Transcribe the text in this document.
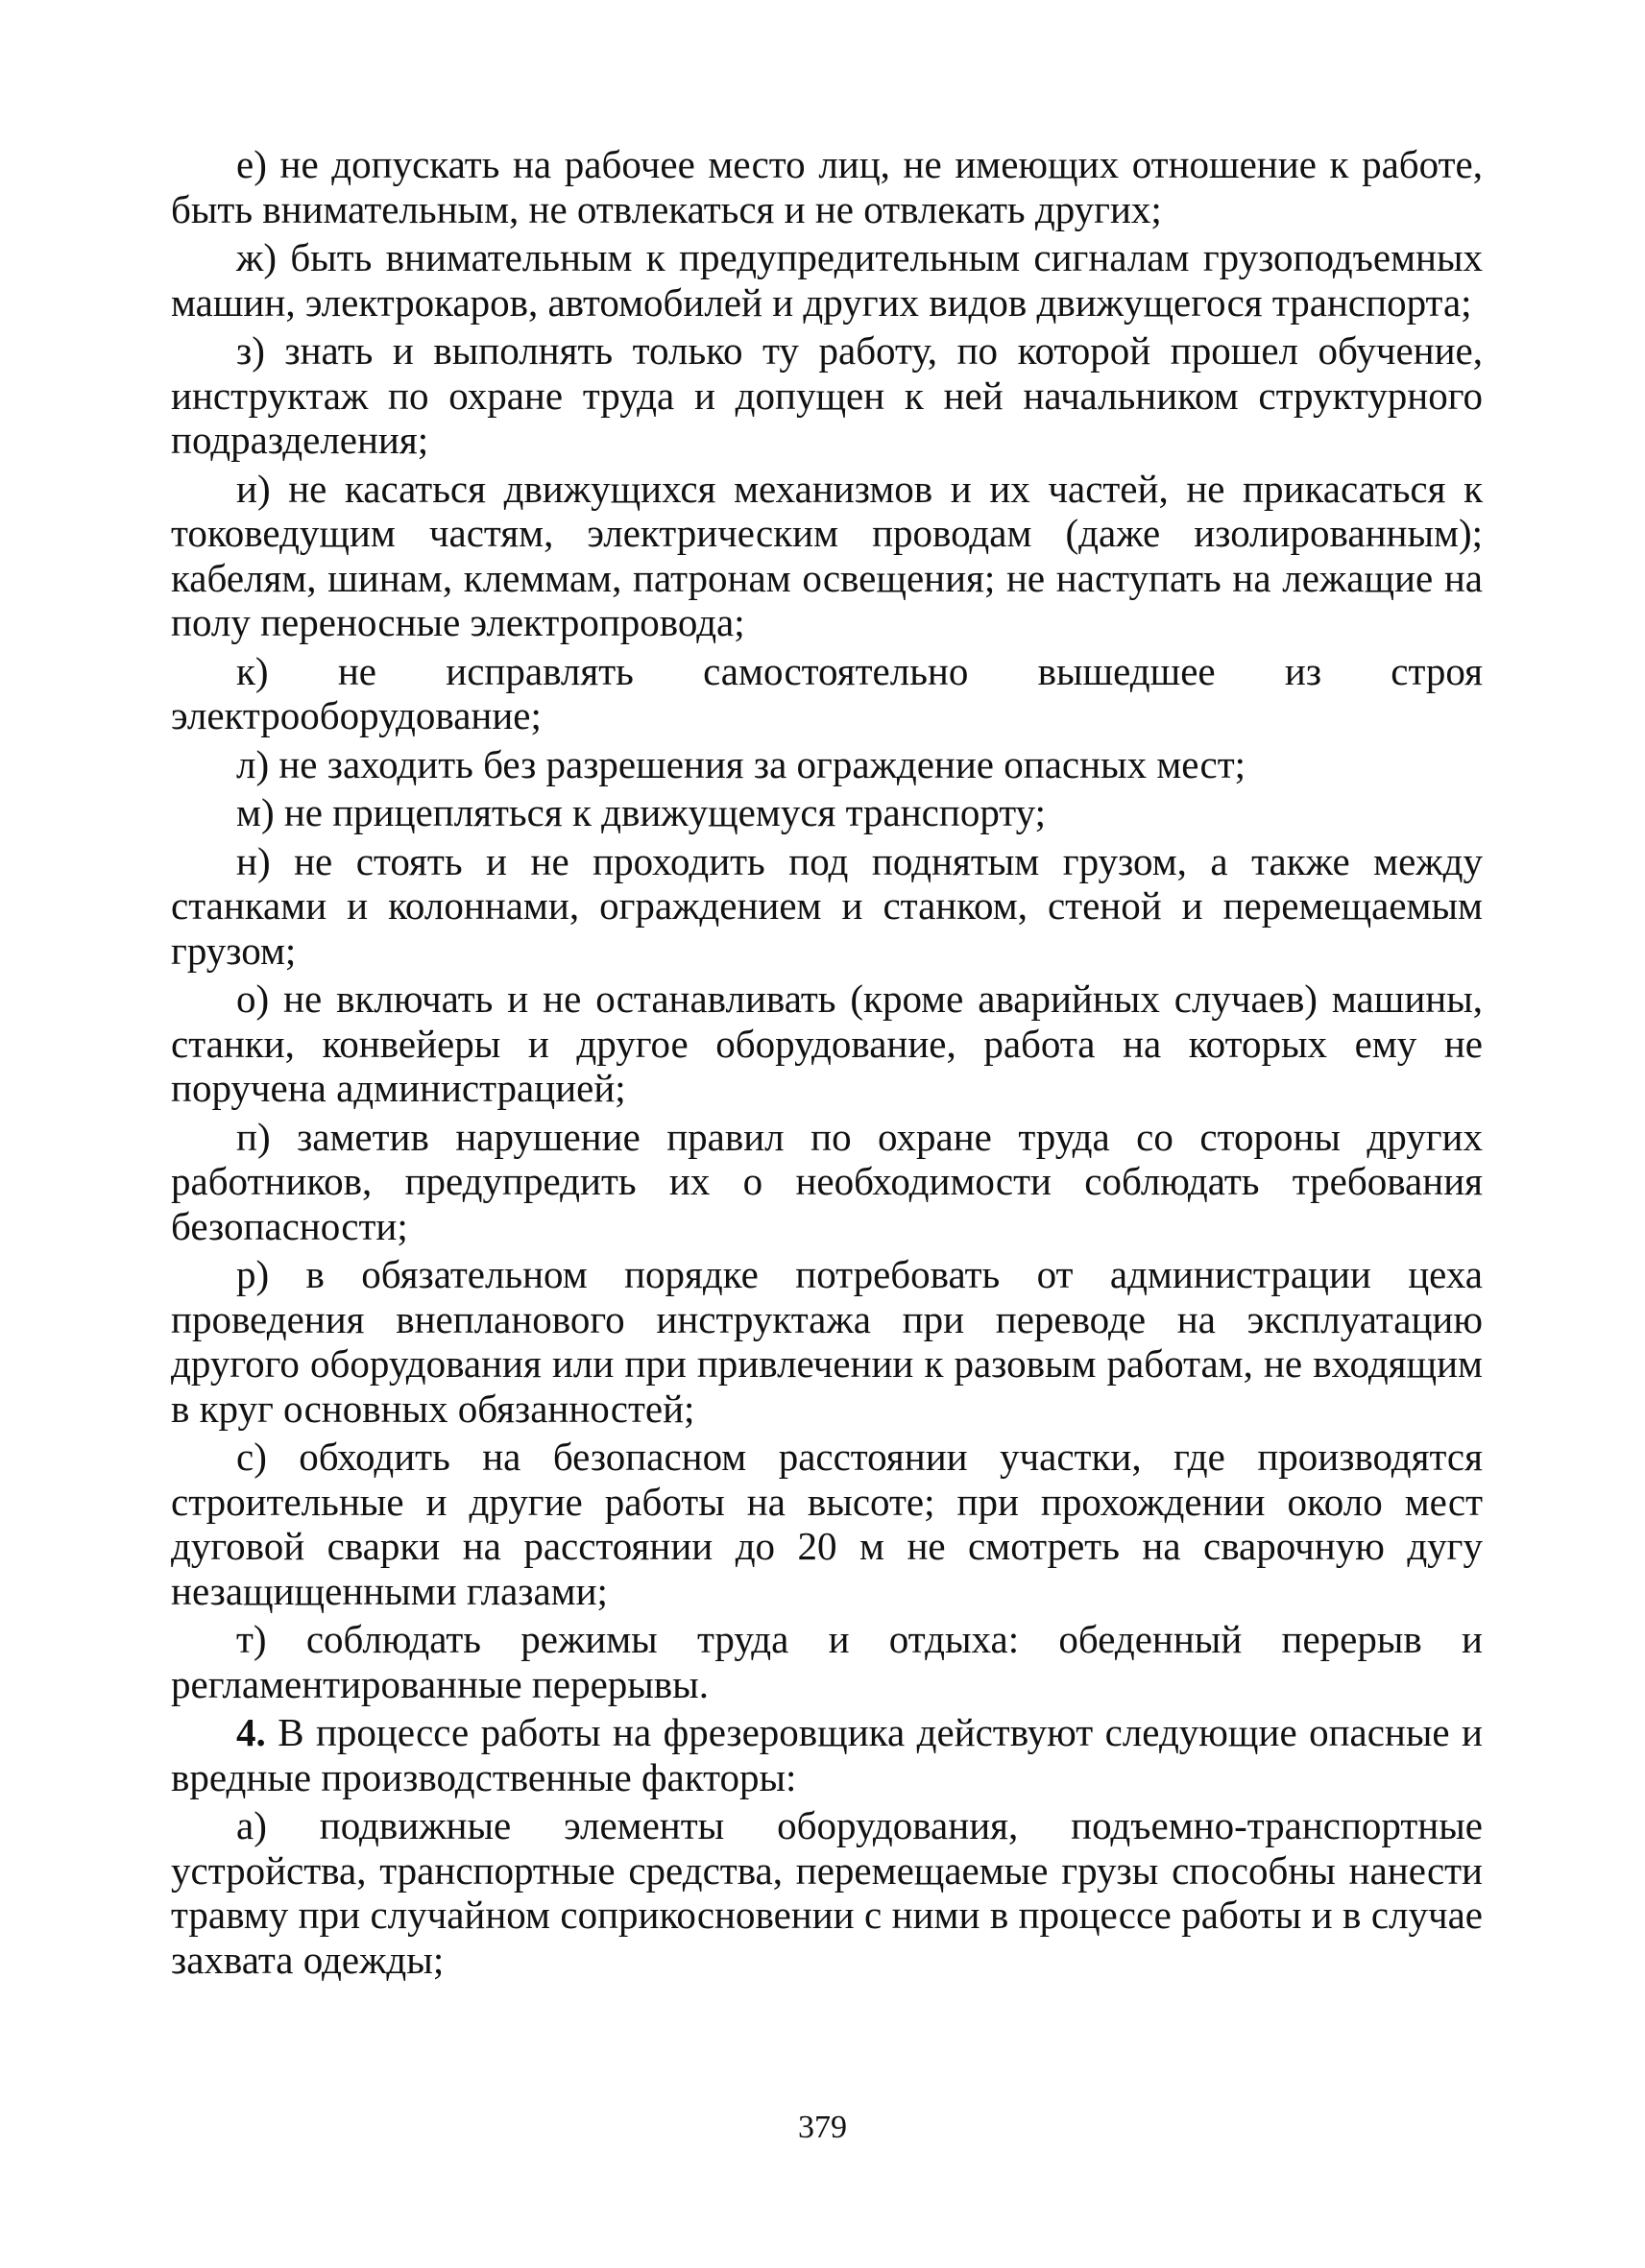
е) не допускать на рабочее место лиц, не имеющих отношение к работе, быть внимательным, не отвлекаться и не отвлекать других;

ж) быть внимательным к предупредительным сигналам грузоподъемных машин, электрокаров, автомобилей и других видов движущегося транспорта;

з) знать и выполнять только ту работу, по которой прошел обучение, инструктаж по охране труда и допущен к ней начальником структурного подразделения;

и) не касаться движущихся механизмов и их частей, не прикасаться к токоведущим частям, электрическим проводам (даже изолированным); кабелям, шинам, клеммам, патронам освещения; не наступать на лежащие на полу переносные электропровода;

к) не исправлять самостоятельно вышедшее из строя электрооборудование;

л) не заходить без разрешения за ограждение опасных мест;

м) не прицепляться к движущемуся транспорту;

н) не стоять и не проходить под поднятым грузом, а также между станками и колоннами, ограждением и станком, стеной и перемещаемым грузом;

о) не включать и не останавливать (кроме аварийных случаев) машины, станки, конвейеры и другое оборудование, работа на которых ему не поручена администрацией;

п) заметив нарушение правил по охране труда со стороны других работников, предупредить их о необходимости соблюдать требования безопасности;

р) в обязательном порядке потребовать от администрации цеха проведения внепланового инструктажа при переводе на эксплуатацию другого оборудования или при привлечении к разовым работам, не входящим в круг основных обязанностей;

с) обходить на безопасном расстоянии участки, где производятся строительные и другие работы на высоте; при прохождении около мест дуговой сварки на расстоянии до 20 м не смотреть на сварочную дугу незащищенными глазами;

т) соблюдать режимы труда и отдыха: обеденный перерыв и регламентированные перерывы.

4. В процессе работы на фрезеровщика действуют следующие опасные и вредные производственные факторы:

а) подвижные элементы оборудования, подъемно-транспортные устройства, транспортные средства, перемещаемые грузы способны нанести травму при случайном соприкосновении с ними в процессе работы и в случае захвата одежды;

379
